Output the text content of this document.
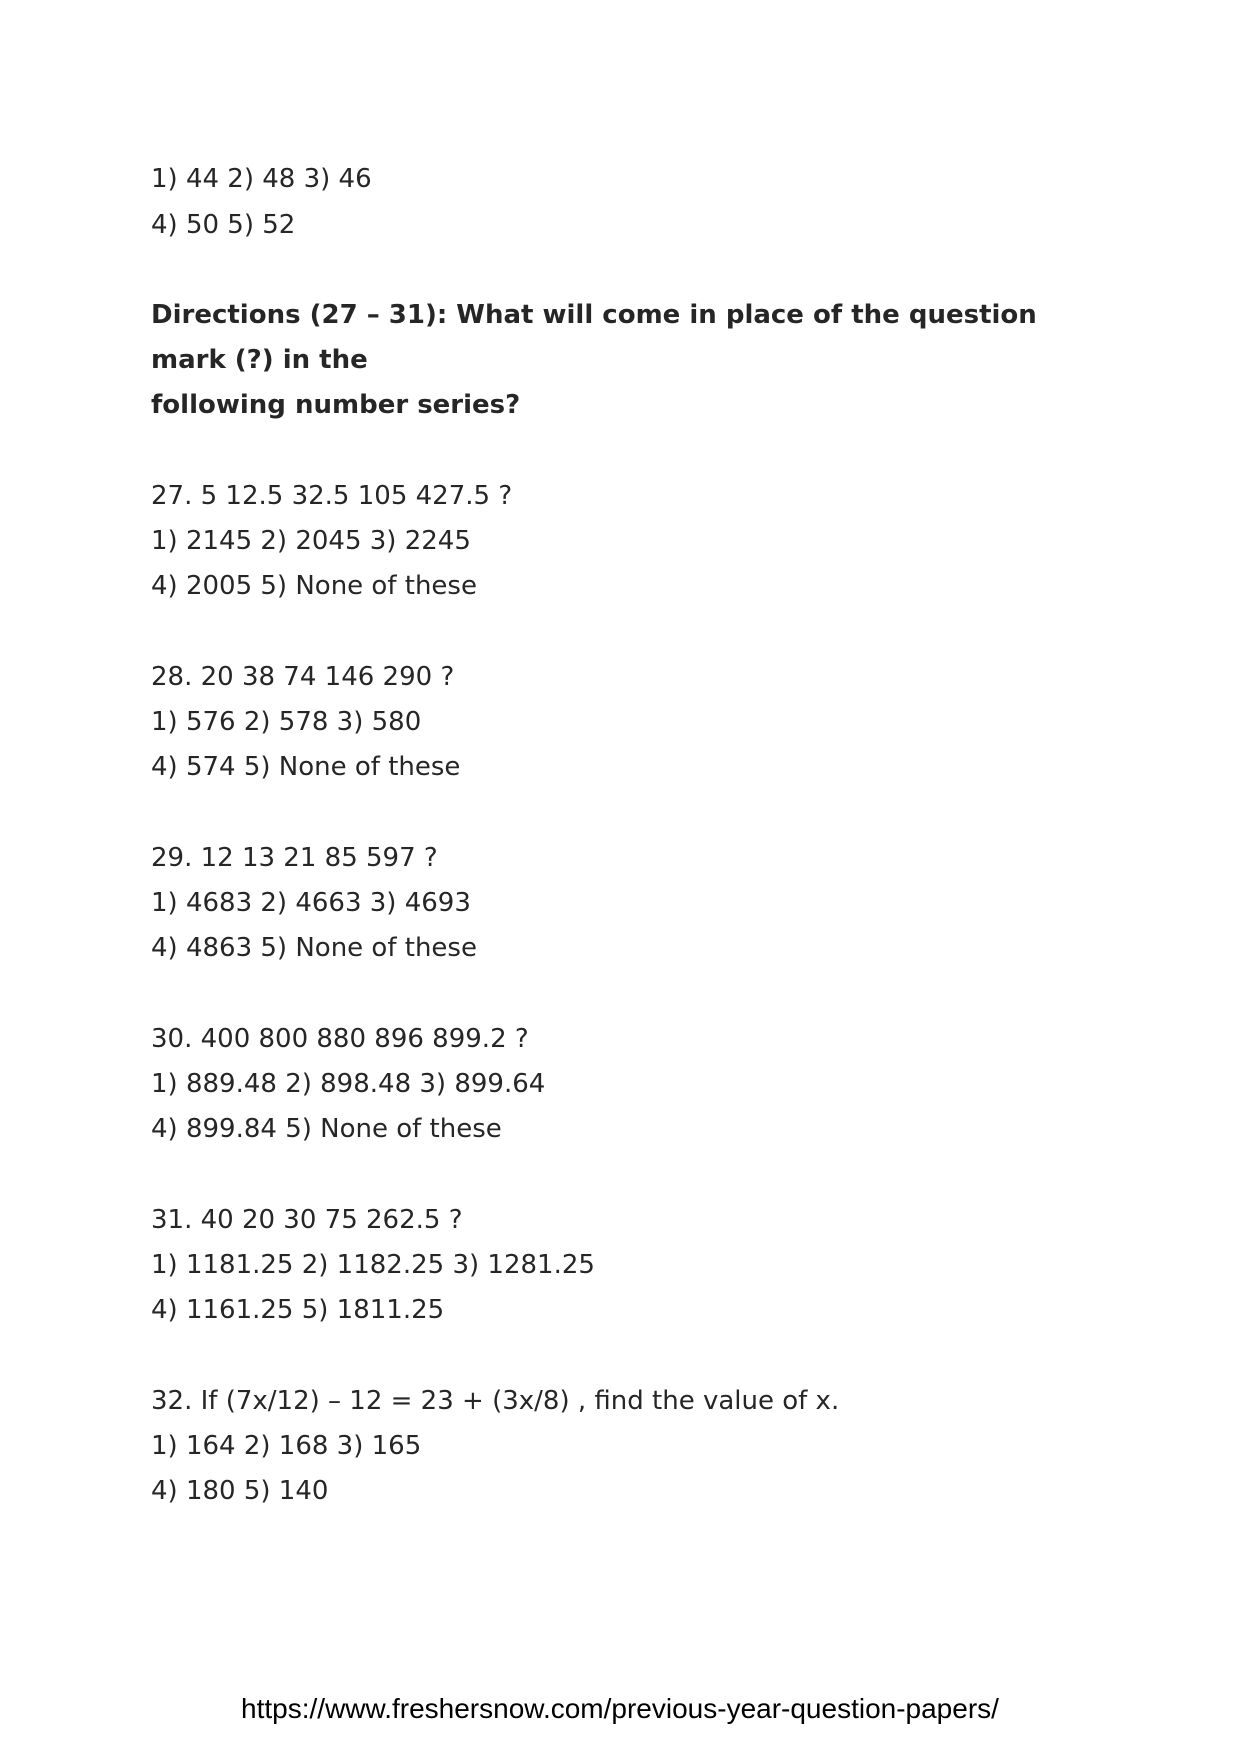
1) 44 2) 48 3) 46
4) 50 5) 52
Directions (27 – 31): What will come in place of the question
mark (?) in the
following number series?
27. 5 12.5 32.5 105 427.5 ?
1) 2145 2) 2045 3) 2245
4) 2005 5) None of these
28. 20 38 74 146 290 ?
1) 576 2) 578 3) 580
4) 574 5) None of these
29. 12 13 21 85 597 ?
1) 4683 2) 4663 3) 4693
4) 4863 5) None of these
30. 400 800 880 896 899.2 ?
1) 889.48 2) 898.48 3) 899.64
4) 899.84 5) None of these
31. 40 20 30 75 262.5 ?
1) 1181.25 2) 1182.25 3) 1281.25
4) 1161.25 5) 1811.25
32. If (7x/12) – 12 = 23 + (3x/8) , find the value of x.
1) 164 2) 168 3) 165
4) 180 5) 140
https://www.freshersnow.com/previous-year-question-papers/
